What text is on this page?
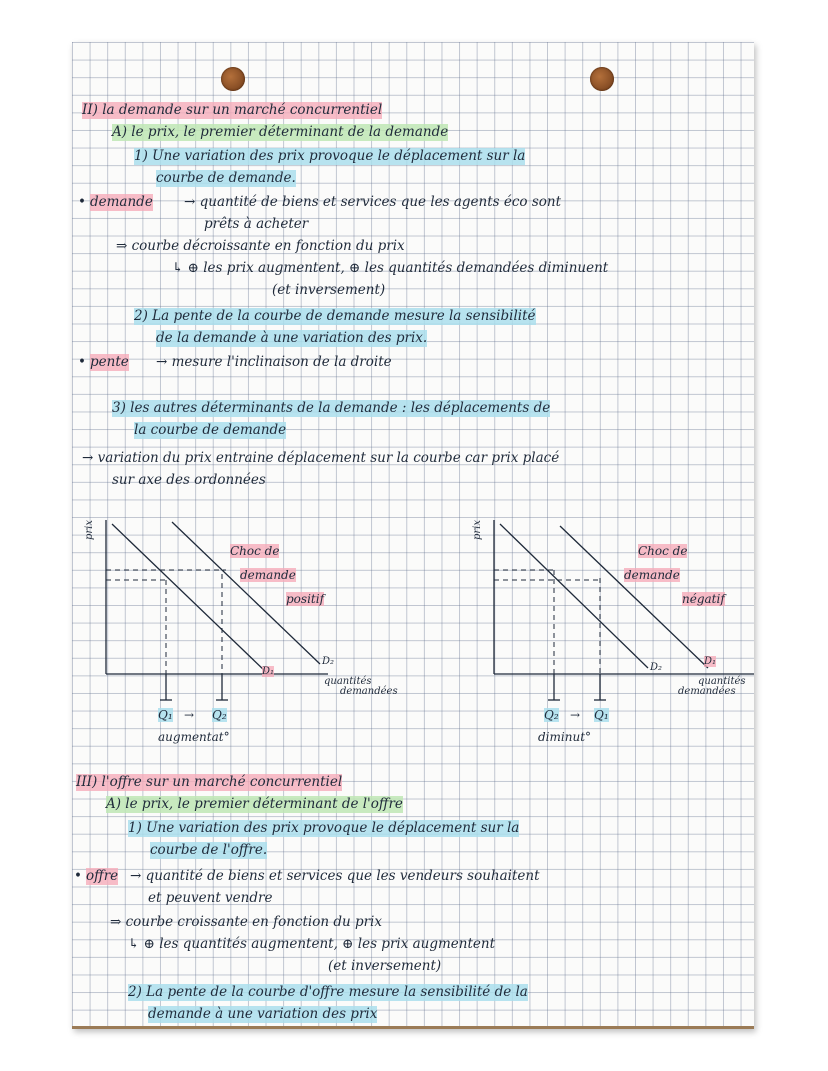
II) la demande sur un marché concurrentiel
A) le prix, le premier déterminant de la demande
1) Une variation des prix provoque le déplacement sur la
courbe de demande.
• demande → quantité de biens et services que les agents éco sont
prêts à acheter
⇒ courbe décroissante en fonction du prix
↳ ⊕ les prix augmentent, ⊕ les quantités demandées diminuent
(et inversement)
2) La pente de la courbe de demande mesure la sensibilité
de la demande à une variation des prix.
• pente → mesure l'inclinaison de la droite
3) les autres déterminants de la demande : les déplacements de
la courbe de demande
→ variation du prix entraine déplacement sur la courbe car prix placé
sur axe des ordonnées
prix
Choc de
demande
positif
D₁
D₂
quantités
demandées
Q₁ → Q₂
augmentat°
prix
Choc de
demande
négatif
D₂
D₁
quantités
demandées
Q₂ → Q₁
diminut°
III) l'offre sur un marché concurrentiel
A) le prix, le premier déterminant de l'offre
1) Une variation des prix provoque le déplacement sur la
courbe de l'offre.
• offre → quantité de biens et services que les vendeurs souhaitent
et peuvent vendre
⇒ courbe croissante en fonction du prix
↳ ⊕ les quantités augmentent, ⊕ les prix augmentent
(et inversement)
2) La pente de la courbe d'offre mesure la sensibilité de la
demande à une variation des prix
